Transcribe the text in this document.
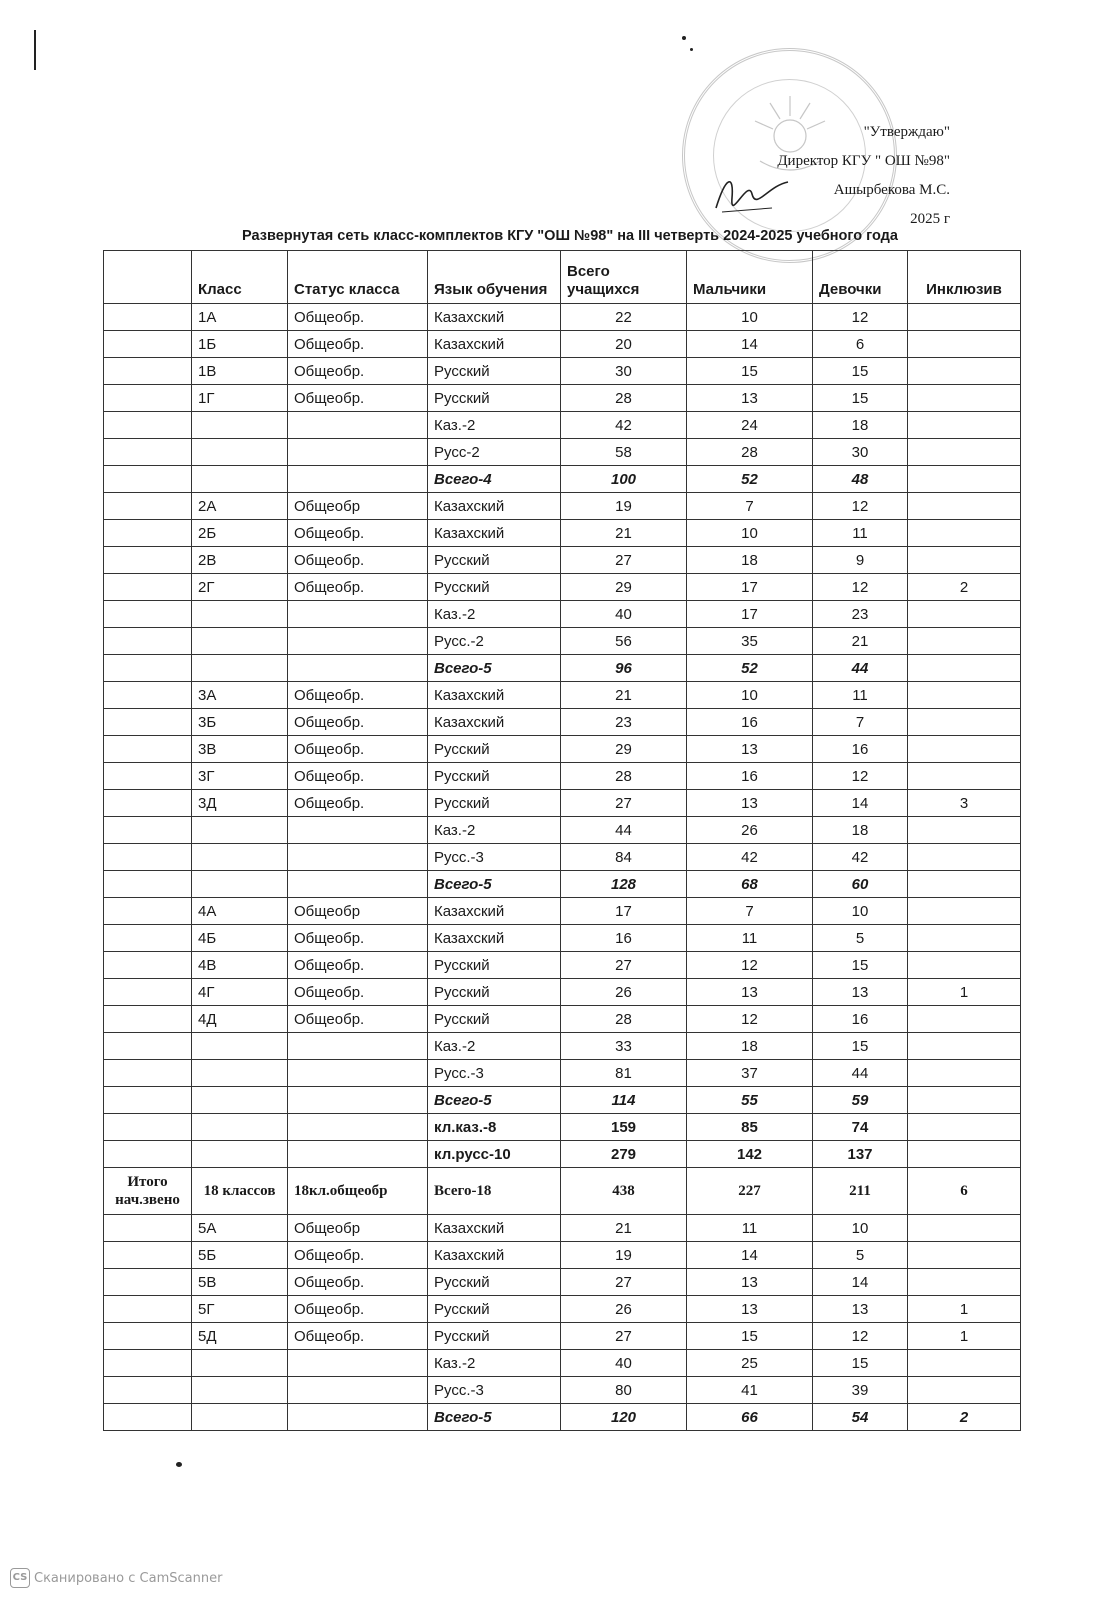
"Утверждаю"
Директор КГУ " ОШ №98"
Ашырбекова М.С.
2025 г
Развернутая сеть класс-комплектов КГУ "ОШ №98" на III четверть 2024-2025 учебного года
	Класс	Статус класса	Язык обучения	Всего учащихся	Мальчики	Девочки	Инклюзив
	1А	Общеобр.	Казахский	22	10	12	
	1Б	Общеобр.	Казахский	20	14	6	
	1В	Общеобр.	Русский	30	15	15	
	1Г	Общеобр.	Русский	28	13	15	
			Каз.-2	42	24	18	
			Русс-2	58	28	30	
			Всего-4	100	52	48	
	2А	Общеобр	Казахский	19	7	12	
	2Б	Общеобр.	Казахский	21	10	11	
	2В	Общеобр.	Русский	27	18	9	
	2Г	Общеобр.	Русский	29	17	12	2
			Каз.-2	40	17	23	
			Русс.-2	56	35	21	
			Всего-5	96	52	44	
	3А	Общеобр.	Казахский	21	10	11	
	3Б	Общеобр.	Казахский	23	16	7	
	3В	Общеобр.	Русский	29	13	16	
	3Г	Общеобр.	Русский	28	16	12	
	3Д	Общеобр.	Русский	27	13	14	3
			Каз.-2	44	26	18	
			Русс.-3	84	42	42	
			Всего-5	128	68	60	
	4А	Общеобр	Казахский	17	7	10	
	4Б	Общеобр.	Казахский	16	11	5	
	4В	Общеобр.	Русский	27	12	15	
	4Г	Общеобр.	Русский	26	13	13	1
	4Д	Общеобр.	Русский	28	12	16	
			Каз.-2	33	18	15	
			Русс.-3	81	37	44	
			Всего-5	114	55	59	
			кл.каз.-8	159	85	74	
			кл.русс-10	279	142	137	
Итого нач.звено	18 классов	18кл.общеобр	Всего-18	438	227	211	6
	5А	Общеобр	Казахский	21	11	10	
	5Б	Общеобр.	Казахский	19	14	5	
	5В	Общеобр.	Русский	27	13	14	
	5Г	Общеобр.	Русский	26	13	13	1
	5Д	Общеобр.	Русский	27	15	12	1
			Каз.-2	40	25	15	
			Русс.-3	80	41	39	
			Всего-5	120	66	54	2
CS Сканировано с CamScanner
